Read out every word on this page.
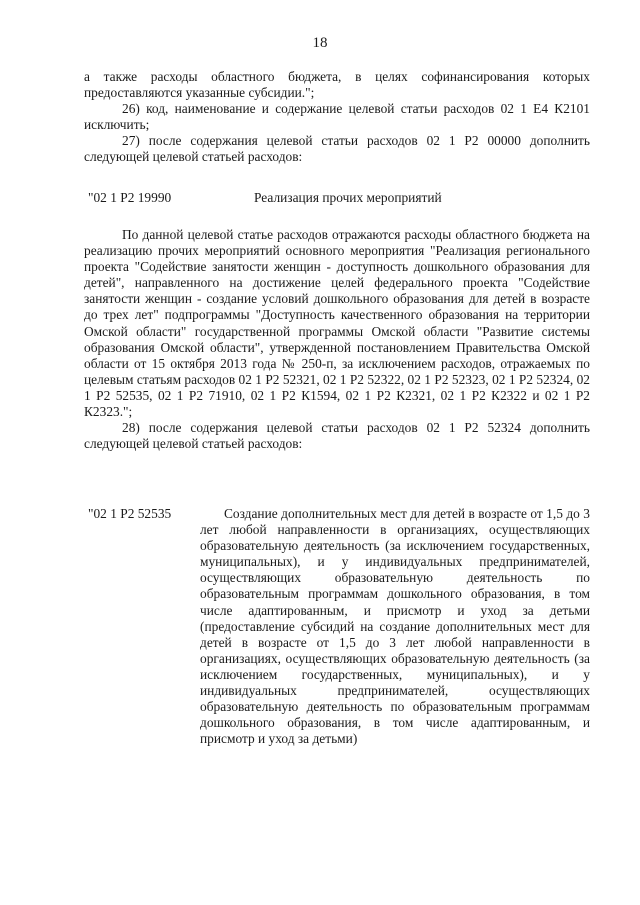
18

а также расходы областного бюджета, в целях софинансирования которых предоставляются указанные субсидии.";

26) код, наименование и содержание целевой статьи расходов 02 1 Е4 К2101 исключить;

27) после содержания целевой статьи расходов 02 1 Р2 00000 дополнить следующей целевой статьей расходов:

"02 1 Р2 19990	Реализация прочих мероприятий

По данной целевой статье расходов отражаются расходы областного бюджета на реализацию прочих мероприятий основного мероприятия "Реализация регионального проекта "Содействие занятости женщин - доступность дошкольного образования для детей", направленного на достижение целей федерального проекта "Содействие занятости женщин - создание условий дошкольного образования для детей в возрасте до трех лет" подпрограммы "Доступность качественного образования на территории Омской области" государственной программы Омской области "Развитие системы образования Омской области", утвержденной постановлением Правительства Омской области от 15 октября 2013 года № 250-п, за исключением расходов, отражаемых по целевым статьям расходов 02 1 Р2 52321, 02 1 Р2 52322, 02 1 Р2 52323, 02 1 Р2 52324, 02 1 Р2 52535, 02 1 Р2 71910, 02 1 Р2 К1594, 02 1 Р2 К2321, 02 1 Р2 К2322 и 02 1 Р2 К2323.";

28) после содержания целевой статьи расходов 02 1 Р2 52324 дополнить следующей целевой статьей расходов:

"02 1 Р2 52535	Создание дополнительных мест для детей в возрасте от 1,5 до 3 лет любой направленности в организациях, осуществляющих образовательную деятельность (за исключением государственных, муниципальных), и у индивидуальных предпринимателей, осуществляющих образовательную деятельность по образовательным программам дошкольного образования, в том числе адаптированным, и присмотр и уход за детьми (предоставление субсидий на создание дополнительных мест для детей в возрасте от 1,5 до 3 лет любой направленности в организациях, осуществляющих образовательную деятельность (за исключением государственных, муниципальных), и у индивидуальных предпринимателей, осуществляющих образовательную деятельность по образовательным программам дошкольного образования, в том числе адаптированным, и присмотр и уход за детьми)
